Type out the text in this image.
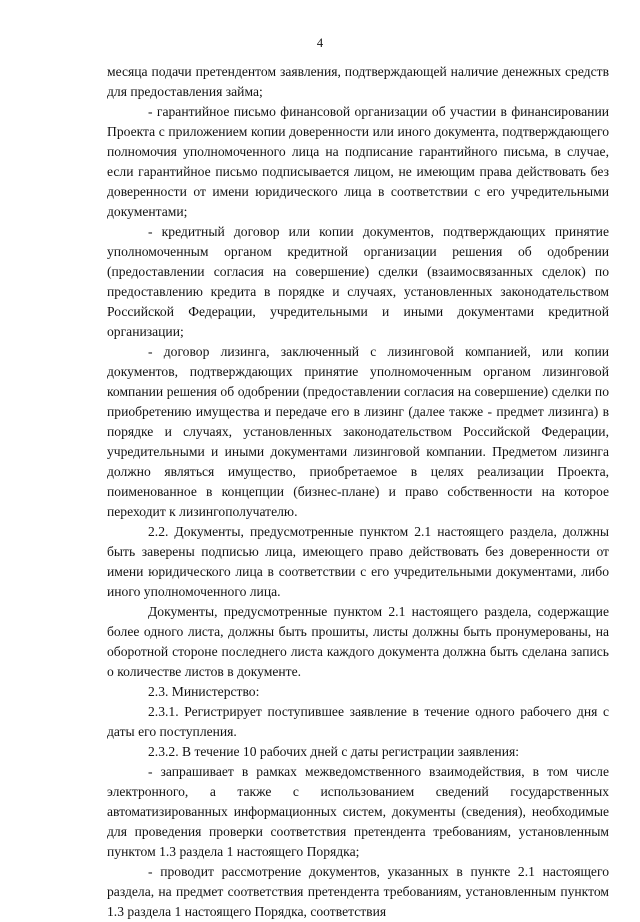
4

месяца подачи претендентом заявления, подтверждающей наличие денежных средств для предоставления займа;

- гарантийное письмо финансовой организации об участии в финансировании Проекта с приложением копии доверенности или иного документа, подтверждающего полномочия уполномоченного лица на подписание гарантийного письма, в случае, если гарантийное письмо подписывается лицом, не имеющим права действовать без доверенности от имени юридического лица в соответствии с его учредительными документами;

- кредитный договор или копии документов, подтверждающих принятие уполномоченным органом кредитной организации решения об одобрении (предоставлении согласия на совершение) сделки (взаимосвязанных сделок) по предоставлению кредита в порядке и случаях, установленных законодательством Российской Федерации, учредительными и иными документами кредитной организации;

- договор лизинга, заключенный с лизинговой компанией, или копии документов, подтверждающих принятие уполномоченным органом лизинговой компании решения об одобрении (предоставлении согласия на совершение) сделки по приобретению имущества и передаче его в лизинг (далее также - предмет лизинга) в порядке и случаях, установленных законодательством Российской Федерации, учредительными и иными документами лизинговой компании. Предметом лизинга должно являться имущество, приобретаемое в целях реализации Проекта, поименованное в концепции (бизнес-плане) и право собственности на которое переходит к лизингополучателю.

2.2. Документы, предусмотренные пунктом 2.1 настоящего раздела, должны быть заверены подписью лица, имеющего право действовать без доверенности от имени юридического лица в соответствии с его учредительными документами, либо иного уполномоченного лица.

Документы, предусмотренные пунктом 2.1 настоящего раздела, содержащие более одного листа, должны быть прошиты, листы должны быть пронумерованы, на оборотной стороне последнего листа каждого документа должна быть сделана запись о количестве листов в документе.

2.3. Министерство:

2.3.1. Регистрирует поступившее заявление в течение одного рабочего дня с даты его поступления.

2.3.2. В течение 10 рабочих дней с даты регистрации заявления:

- запрашивает в рамках межведомственного взаимодействия, в том числе электронного, а также с использованием сведений государственных автоматизированных информационных систем, документы (сведения), необходимые для проведения проверки соответствия претендента требованиям, установленным пунктом 1.3 раздела 1 настоящего Порядка;

- проводит рассмотрение документов, указанных в пункте 2.1 настоящего раздела, на предмет соответствия претендента требованиям, установленным пунктом 1.3 раздела 1 настоящего Порядка, соответствия
